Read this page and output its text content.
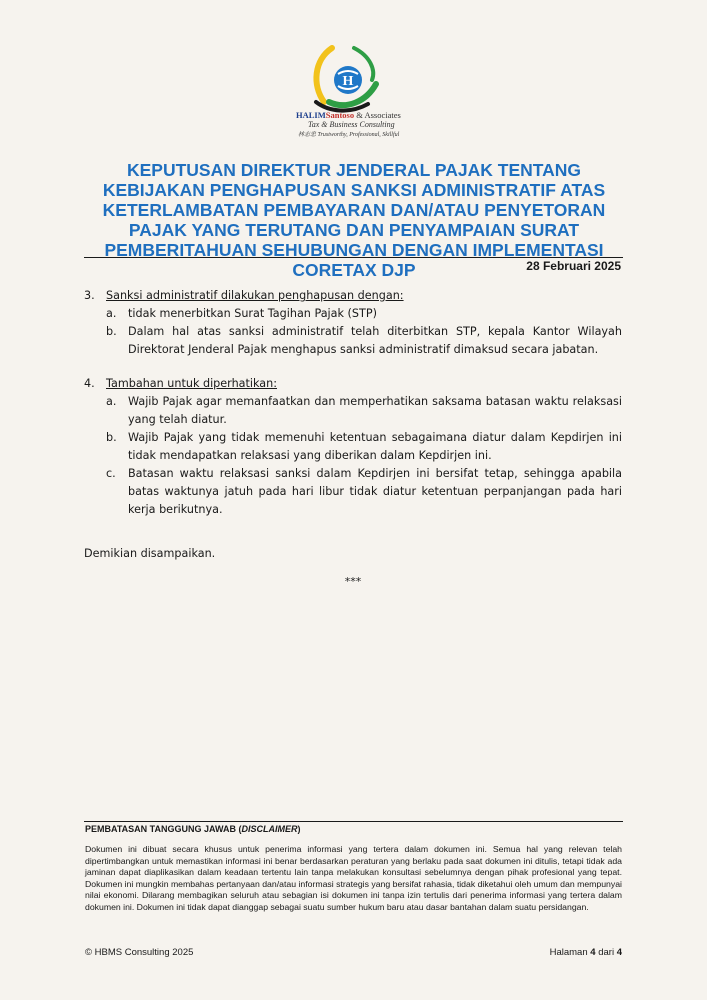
H
HALIMSantoso & Associates
Tax & Business Consulting
林志忠 Trustworthy, Professional, Skillful
KEPUTUSAN DIREKTUR JENDERAL PAJAK TENTANG KEBIJAKAN PENGHAPUSAN SANKSI ADMINISTRATIF ATAS KETERLAMBATAN PEMBAYARAN DAN/ATAU PENYETORAN PAJAK YANG TERUTANG DAN PENYAMPAIAN SURAT PEMBERITAHUAN SEHUBUNGAN DENGAN IMPLEMENTASI CORETAX DJP	28 Februari 2025
3.	Sanksi administratif dilakukan penghapusan dengan:
a.	tidak menerbitkan Surat Tagihan Pajak (STP)
b.	Dalam hal atas sanksi administratif telah diterbitkan STP, kepala Kantor Wilayah Direktorat Jenderal Pajak menghapus sanksi administratif dimaksud secara jabatan.
4.	Tambahan untuk diperhatikan:
a.	Wajib Pajak agar memanfaatkan dan memperhatikan saksama batasan waktu relaksasi yang telah diatur.
b.	Wajib Pajak yang tidak memenuhi ketentuan sebagaimana diatur dalam Kepdirjen ini tidak mendapatkan relaksasi yang diberikan dalam Kepdirjen ini.
c.	Batasan waktu relaksasi sanksi dalam Kepdirjen ini bersifat tetap, sehingga apabila batas waktunya jatuh pada hari libur tidak diatur ketentuan perpanjangan pada hari kerja berikutnya.
Demikian disampaikan.
***
PEMBATASAN TANGGUNG JAWAB (DISCLAIMER)

Dokumen ini dibuat secara khusus untuk penerima informasi yang tertera dalam dokumen ini. Semua hal yang relevan telah dipertimbangkan untuk memastikan informasi ini benar berdasarkan peraturan yang berlaku pada saat dokumen ini ditulis, tetapi tidak ada jaminan dapat diaplikasikan dalam keadaan tertentu lain tanpa melakukan konsultasi sebelumnya dengan pihak profesional yang tepat. Dokumen ini mungkin membahas pertanyaan dan/atau informasi strategis yang bersifat rahasia, tidak diketahui oleh umum dan mempunyai nilai ekonomi. Dilarang membagikan seluruh atau sebagian isi dokumen ini tanpa izin tertulis dari penerima informasi yang tertera dalam dokumen ini. Dokumen ini tidak dapat dianggap sebagai suatu sumber hukum baru atau dasar bantahan dalam suatu persidangan.

© HBMS Consulting 2025	Halaman 4 dari 4
